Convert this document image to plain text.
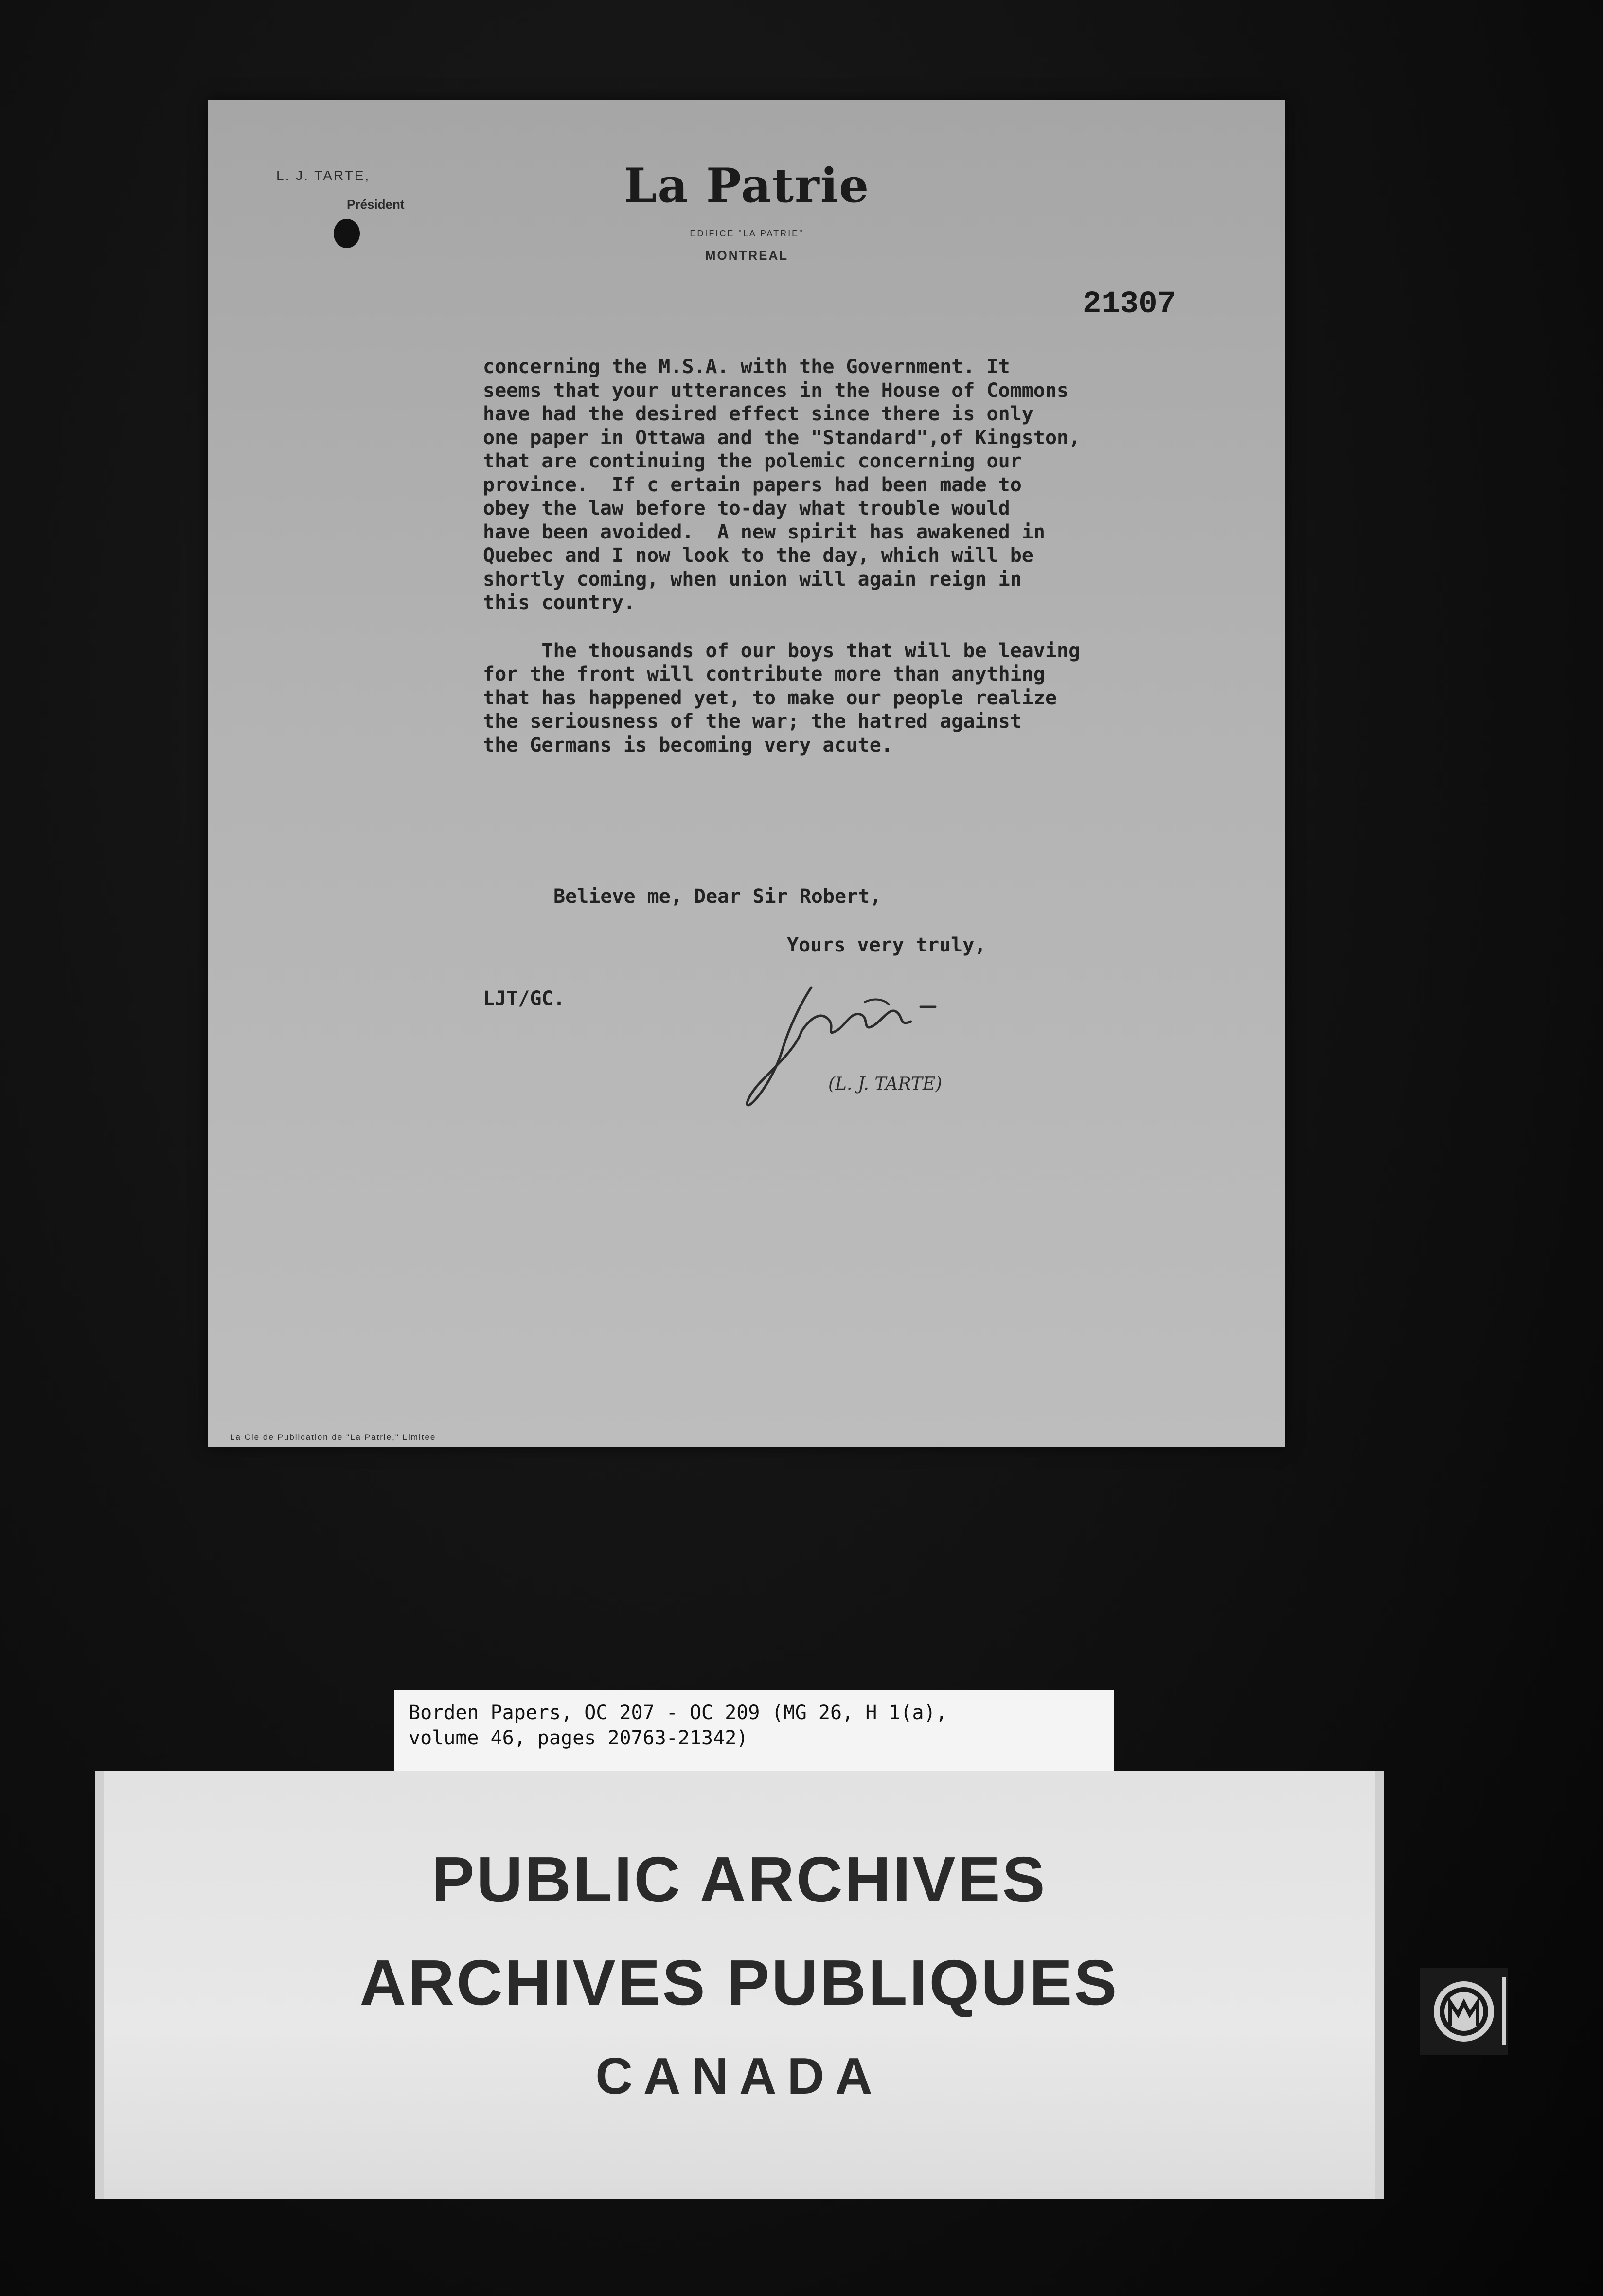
L. J. TARTE,
Président	La Patrie
EDIFICE "LA PATRIE"
MONTREAL
21307

concerning the M.S.A. with the Government. It

seems that your utterances in the House of Commons

have had the desired effect since there is only

one paper in Ottawa and the "Standard",of Kingston,

that are continuing the polemic concerning our

province.  If c ertain papers had been made to

obey the law before to-day what trouble would

have been avoided.  A new spirit has awakened in

Quebec and I now look to the day, which will be

shortly coming, when union will again reign in

this country.

The thousands of our boys that will be leaving

for the front will contribute more than anything

that has happened yet, to make our people realize

the seriousness of the war; the hatred against

the Germans is becoming very acute.

Believe me, Dear Sir Robert,
Yours very truly,
LJT/GC.
(L. J. TARTE)
La Cie de Publication de "La Patrie," Limitee

Borden Papers, OC 207 - OC 209 (MG 26, H 1(a),

volume 46, pages 20763-21342)

PUBLIC ARCHIVES
ARCHIVES PUBLIQUES
CANADA
